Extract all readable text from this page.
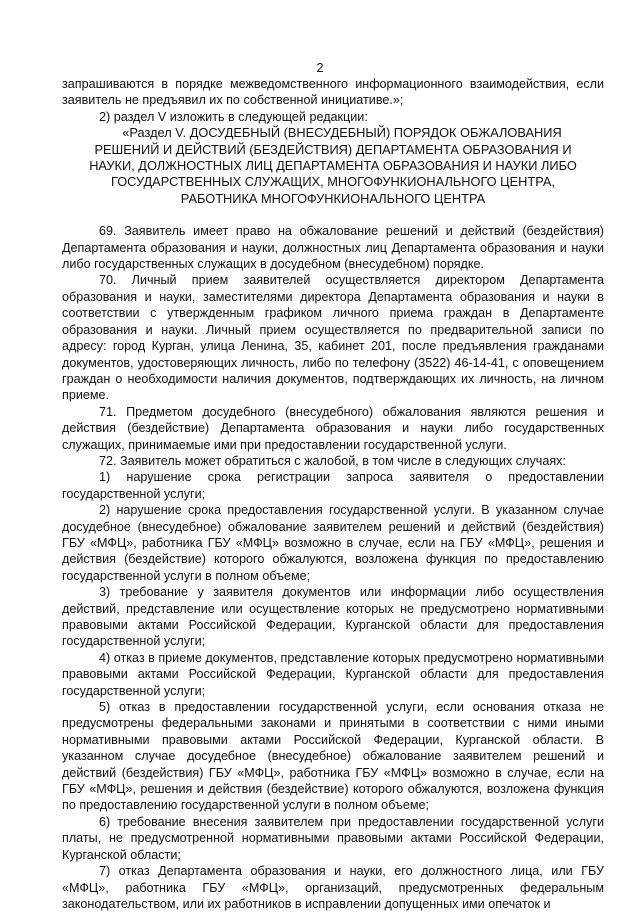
2

запрашиваются в порядке межведомственного информационного взаимодействия, если заявитель не предъявил их по собственной инициативе.»;

2) раздел V изложить в следующей редакции:

«Раздел V. ДОСУДЕБНЫЙ (ВНЕСУДЕБНЫЙ) ПОРЯДОК ОБЖАЛОВАНИЯ
РЕШЕНИЙ И ДЕЙСТВИЙ (БЕЗДЕЙСТВИЯ) ДЕПАРТАМЕНТА ОБРАЗОВАНИЯ И
НАУКИ, ДОЛЖНОСТНЫХ ЛИЦ ДЕПАРТАМЕНТА ОБРАЗОВАНИЯ И НАУКИ ЛИБО
ГОСУДАРСТВЕННЫХ СЛУЖАЩИХ, МНОГОФУНКИОНАЛЬНОГО ЦЕНТРА,
РАБОТНИКА МНОГОФУНКИОНАЛЬНОГО ЦЕНТРА

69. Заявитель имеет право на обжалование решений и действий (бездействия) Департамента образования и науки, должностных лиц Департамента образования и науки либо государственных служащих в досудебном (внесудебном) порядке.

70. Личный прием заявителей осуществляется директором Департамента образования и науки, заместителями директора Департамента образования и науки в соответствии с утвержденным графиком личного приема граждан в Департаменте образования и науки. Личный прием осуществляется по предварительной записи по адресу: город Курган, улица Ленина, 35, кабинет 201, после предъявления гражданами документов, удостоверяющих личность, либо по телефону (3522) 46-14-41, с оповещением граждан о необходимости наличия документов, подтверждающих их личность, на личном приеме.

71. Предметом досудебного (внесудебного) обжалования являются решения и действия (бездействие) Департамента образования и науки либо государственных служащих, принимаемые ими при предоставлении государственной услуги.

72. Заявитель может обратиться с жалобой, в том числе в следующих случаях:

1) нарушение срока регистрации запроса заявителя о предоставлении государственной услуги;

2) нарушение срока предоставления государственной услуги. В указанном случае досудебное (внесудебное) обжалование заявителем решений и действий (бездействия) ГБУ «МФЦ», работника ГБУ «МФЦ» возможно в случае, если на ГБУ «МФЦ», решения и действия (бездействие) которого обжалуются, возложена функция по предоставлению государственной услуги в полном объеме;

3) требование у заявителя документов или информации либо осуществления действий, представление или осуществление которых не предусмотрено нормативными правовыми актами Российской Федерации, Курганской области для предоставления государственной услуги;

4) отказ в приеме документов, представление которых предусмотрено нормативными правовыми актами Российской Федерации, Курганской области для предоставления государственной услуги;

5) отказ в предоставлении государственной услуги, если основания отказа не предусмотрены федеральными законами и принятыми в соответствии с ними иными нормативными правовыми актами Российской Федерации, Курганской области. В указанном случае досудебное (внесудебное) обжалование заявителем решений и действий (бездействия) ГБУ «МФЦ», работника ГБУ «МФЦ» возможно в случае, если на ГБУ «МФЦ», решения и действия (бездействие) которого обжалуются, возложена функция по предоставлению государственной услуги в полном объеме;

6) требование внесения заявителем при предоставлении государственной услуги платы, не предусмотренной нормативными правовыми актами Российской Федерации, Курганской области;

7) отказ Департамента образования и науки, его должностного лица, или ГБУ «МФЦ», работника ГБУ «МФЦ», организаций, предусмотренных федеральным законодательством, или их работников в исправлении допущенных ими опечаток и
